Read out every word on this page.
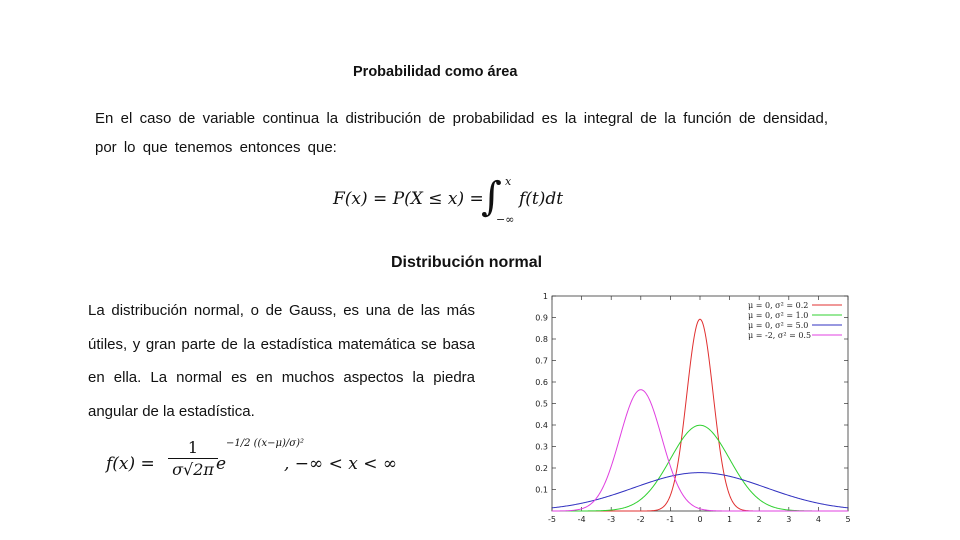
Probabilidad como área
En el caso de variable continua la distribución de probabilidad es la integral de la función de densidad, por lo que tenemos entonces que:
F(x) = P(X ≤ x) =
∫ x
−∞
f(t)dt
Distribución normal
La distribución normal, o de Gauss, es una de las más útiles, y gran parte de la estadística matemática se basa en ella. La normal es en muchos aspectos la piedra angular de la estadística.
f(x) =
1
σ√2π e
−1/2 ((x−μ)/σ)²
, −∞ < x < ∞
0.1
0.2
0.3
0.4
0.5
0.6
0.7
0.8
0.9
1
-5	-4	-3	-2	-1	0	1	2	3	4	5
μ = 0, σ² = 0.2
μ = 0, σ² = 1.0
μ = 0, σ² = 5.0
μ = -2, σ² = 0.5
